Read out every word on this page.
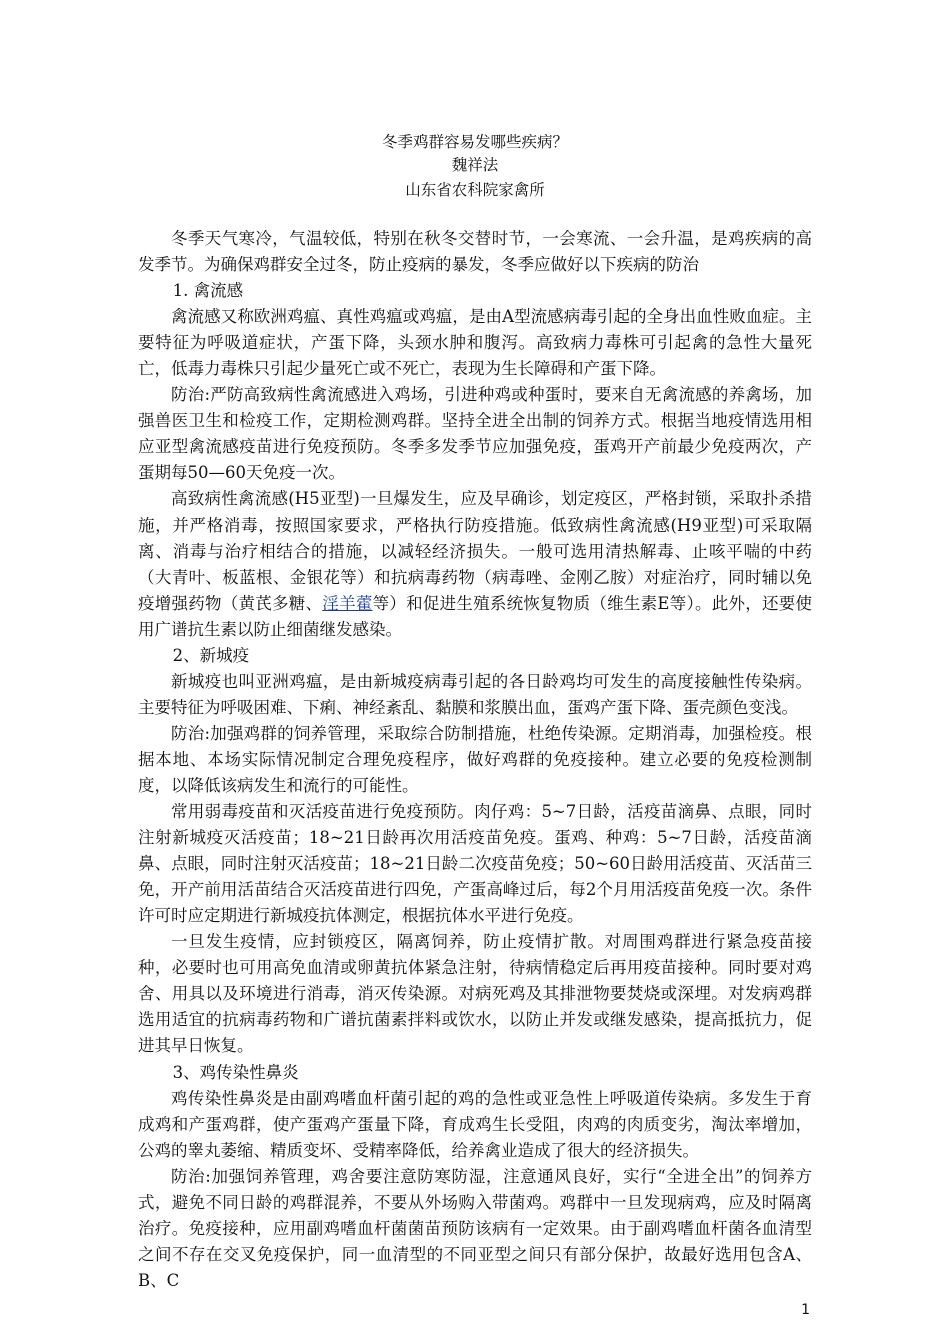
冬季鸡群容易发哪些疾病？
魏祥法
山东省农科院家禽所

冬季天气寒冷，气温较低，特别在秋冬交替时节，一会寒流、一会升温，是鸡疾病的高发季节。为确保鸡群安全过冬，防止疫病的暴发，冬季应做好以下疾病的防治

1. 禽流感

禽流感又称欧洲鸡瘟、真性鸡瘟或鸡瘟，是由A型流感病毒引起的全身出血性败血症。主要特征为呼吸道症状，产蛋下降，头颈水肿和腹泻。高致病力毒株可引起禽的急性大量死亡，低毒力毒株只引起少量死亡或不死亡，表现为生长障碍和产蛋下降。

防治:严防高致病性禽流感进入鸡场，引进种鸡或种蛋时，要来自无禽流感的养禽场，加强兽医卫生和检疫工作，定期检测鸡群。坚持全进全出制的饲养方式。根据当地疫情选用相应亚型禽流感疫苗进行免疫预防。冬季多发季节应加强免疫，蛋鸡开产前最少免疫两次，产蛋期每50—60天免疫一次。

高致病性禽流感(H5亚型)一旦爆发生，应及早确诊，划定疫区，严格封锁，采取扑杀措施，并严格消毒，按照国家要求，严格执行防疫措施。低致病性禽流感(H9亚型)可采取隔离、消毒与治疗相结合的措施，以减轻经济损失。一般可选用清热解毒、止咳平喘的中药（大青叶、板蓝根、金银花等）和抗病毒药物（病毒唑、金刚乙胺）对症治疗，同时辅以免疫增强药物（黄芪多糖、淫羊藿等）和促进生殖系统恢复物质（维生素E等）。此外，还要使用广谱抗生素以防止细菌继发感染。

2、新城疫

新城疫也叫亚洲鸡瘟，是由新城疫病毒引起的各日龄鸡均可发生的高度接触性传染病。主要特征为呼吸困难、下痢、神经紊乱、黏膜和浆膜出血，蛋鸡产蛋下降、蛋壳颜色变浅。

防治:加强鸡群的饲养管理，采取综合防制措施，杜绝传染源。定期消毒，加强检疫。根据本地、本场实际情况制定合理免疫程序，做好鸡群的免疫接种。建立必要的免疫检测制度，以降低该病发生和流行的可能性。

常用弱毒疫苗和灭活疫苗进行免疫预防。肉仔鸡：5~7日龄，活疫苗滴鼻、点眼，同时注射新城疫灭活疫苗；18~21日龄再次用活疫苗免疫。蛋鸡、种鸡：5~7日龄，活疫苗滴鼻、点眼，同时注射灭活疫苗；18~21日龄二次疫苗免疫；50~60日龄用活疫苗、灭活苗三免，开产前用活苗结合灭活疫苗进行四免，产蛋高峰过后，每2个月用活疫苗免疫一次。条件许可时应定期进行新城疫抗体测定，根据抗体水平进行免疫。

一旦发生疫情，应封锁疫区，隔离饲养，防止疫情扩散。对周围鸡群进行紧急疫苗接种，必要时也可用高免血清或卵黄抗体紧急注射，待病情稳定后再用疫苗接种。同时要对鸡舍、用具以及环境进行消毒，消灭传染源。对病死鸡及其排泄物要焚烧或深埋。对发病鸡群选用适宜的抗病毒药物和广谱抗菌素拌料或饮水，以防止并发或继发感染，提高抵抗力，促进其早日恢复。

3、鸡传染性鼻炎

鸡传染性鼻炎是由副鸡嗜血杆菌引起的鸡的急性或亚急性上呼吸道传染病。多发生于育成鸡和产蛋鸡群，使产蛋鸡产蛋量下降，育成鸡生长受阻，肉鸡的肉质变劣，淘汰率增加，公鸡的睾丸萎缩、精质变坏、受精率降低，给养禽业造成了很大的经济损失。

防治:加强饲养管理，鸡舍要注意防寒防湿，注意通风良好，实行“全进全出”的饲养方式，避免不同日龄的鸡群混养，不要从外场购入带菌鸡。鸡群中一旦发现病鸡，应及时隔离治疗。免疫接种，应用副鸡嗜血杆菌菌苗预防该病有一定效果。由于副鸡嗜血杆菌各血清型之间不存在交叉免疫保护，同一血清型的不同亚型之间只有部分保护，故最好选用包含A、B、C

1
